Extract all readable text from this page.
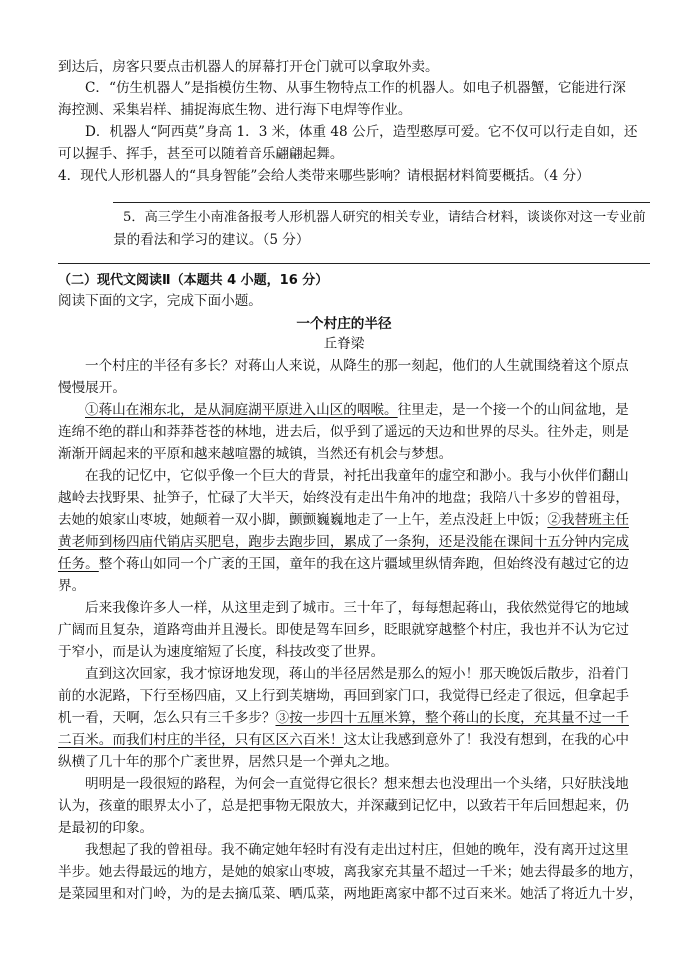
到达后，房客只要点击机器人的屏幕打开仓门就可以拿取外卖。
C．“仿生机器人”是指模仿生物、从事生物特点工作的机器人。如电子机器蟹，它能进行深
海控测、采集岩样、捕捉海底生物、进行海下电焊等作业。
D．机器人“阿西莫”身高 1．3 米，体重 48 公斤，造型憨厚可爱。它不仅可以行走自如，还
可以握手、挥手，甚至可以随着音乐翩翩起舞。
4．现代人形机器人的“具身智能”会给人类带来哪些影响？请根据材料简要概括。（4 分）
5．高三学生小南准备报考人形机器人研究的相关专业，请结合材料，谈谈你对这一专业前
景的看法和学习的建议。（5 分）
（二）现代文阅读Ⅱ（本题共 4 小题，16 分）
阅读下面的文字，完成下面小题。
一个村庄的半径
丘脊梁
一个村庄的半径有多长？对蒋山人来说，从降生的那一刻起，他们的人生就围绕着这个原点
慢慢展开。
①蒋山在湘东北，是从洞庭湖平原进入山区的咽喉。往里走，是一个接一个的山间盆地，是
连绵不绝的群山和莽莽苍苍的林地，进去后，似乎到了遥远的天边和世界的尽头。往外走，则是
渐渐开阔起来的平原和越来越喧嚣的城镇，当然还有机会与梦想。
在我的记忆中，它似乎像一个巨大的背景，衬托出我童年的虚空和渺小。我与小伙伴们翻山
越岭去找野果、扯笋子，忙碌了大半天，始终没有走出牛角冲的地盘；我陪八十多岁的曾祖母，
去她的娘家山枣坡，她颠着一双小脚，颤颤巍巍地走了一上午，差点没赶上中饭；②我替班主任
黄老师到杨四庙代销店买肥皂，跑步去跑步回，累成了一条狗，还是没能在课间十五分钟内完成
任务。整个蒋山如同一个广袤的王国，童年的我在这片疆域里纵情奔跑，但始终没有越过它的边
界。
后来我像许多人一样，从这里走到了城市。三十年了，每每想起蒋山，我依然觉得它的地域
广阔而且复杂，道路弯曲并且漫长。即使是驾车回乡，眨眼就穿越整个村庄，我也并不认为它过
于窄小，而是认为速度缩短了长度，科技改变了世界。
直到这次回家，我才惊讶地发现，蒋山的半径居然是那么的短小！那天晚饭后散步，沿着门
前的水泥路，下行至杨四庙，又上行到芙塘坳，再回到家门口，我觉得已经走了很远，但拿起手
机一看，天啊，怎么只有三千多步？③按一步四十五厘米算，整个蒋山的长度，充其量不过一千
二百米。而我们村庄的半径，只有区区六百米！这太让我感到意外了！我没有想到，在我的心中
纵横了几十年的那个广袤世界，居然只是一个弹丸之地。
明明是一段很短的路程，为何会一直觉得它很长？想来想去也没理出一个头绪，只好肤浅地
认为，孩童的眼界太小了，总是把事物无限放大，并深藏到记忆中，以致若干年后回想起来，仍
是最初的印象。
我想起了我的曾祖母。我不确定她年轻时有没有走出过村庄，但她的晚年，没有离开过这里
半步。她去得最远的地方，是她的娘家山枣坡，离我家充其量不超过一千米；她去得最多的地方，
是菜园里和对门岭，为的是去摘瓜菜、晒瓜菜，两地距离家中都不过百来米。她活了将近九十岁，
